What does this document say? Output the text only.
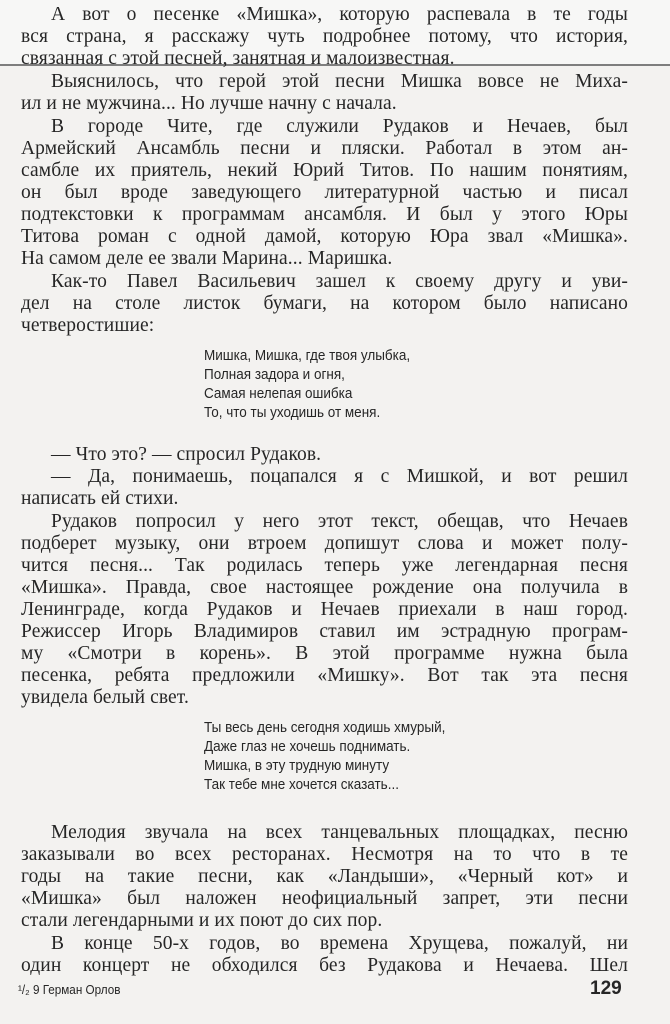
А вот о песенке «Мишка», которую распевала в те годы
вся страна, я расскажу чуть подробнее потому, что история,
связанная с этой песней, занятная и малоизвестная.
Выяснилось, что герой этой песни Мишка вовсе не Миха-
ил и не мужчина... Но лучше начну с начала.
В городе Чите, где служили Рудаков и Нечаев, был
Армейский Ансамбль песни и пляски. Работал в этом ан-
самбле их приятель, некий Юрий Титов. По нашим понятиям,
он был вроде заведующего литературной частью и писал
подтекстовки к программам ансамбля. И был у этого Юры
Титова роман с одной дамой, которую Юра звал «Мишка».
На самом деле ее звали Марина... Маришка.
Как-то Павел Васильевич зашел к своему другу и уви-
дел на столе листок бумаги, на котором было написано
четверостишие:
Мишка, Мишка, где твоя улыбка,
Полная задора и огня,
Самая нелепая ошибка
То, что ты уходишь от меня.
— Что это? — спросил Рудаков.
— Да, понимаешь, поцапался я с Мишкой, и вот решил
написать ей стихи.
Рудаков попросил у него этот текст, обещав, что Нечаев
подберет музыку, они втроем допишут слова и может полу-
чится песня... Так родилась теперь уже легендарная песня
«Мишка». Правда, свое настоящее рождение она получила в
Ленинграде, когда Рудаков и Нечаев приехали в наш город.
Режиссер Игорь Владимиров ставил им эстрадную програм-
му «Смотри в корень». В этой программе нужна была
песенка, ребята предложили «Мишку». Вот так эта песня
увидела белый свет.
Ты весь день сегодня ходишь хмурый,
Даже глаз не хочешь поднимать.
Мишка, в эту трудную минуту
Так тебе мне хочется сказать...
Мелодия звучала на всех танцевальных площадках, песню
заказывали во всех ресторанах. Несмотря на то что в те
годы на такие песни, как «Ландыши», «Черный кот» и
«Мишка» был наложен неофициальный запрет, эти песни
стали легендарными и их поют до сих пор.
В конце 50-х годов, во времена Хрущева, пожалуй, ни
один концерт не обходился без Рудакова и Нечаева. Шел
¹/₂ 9 Герман Орлов	129
